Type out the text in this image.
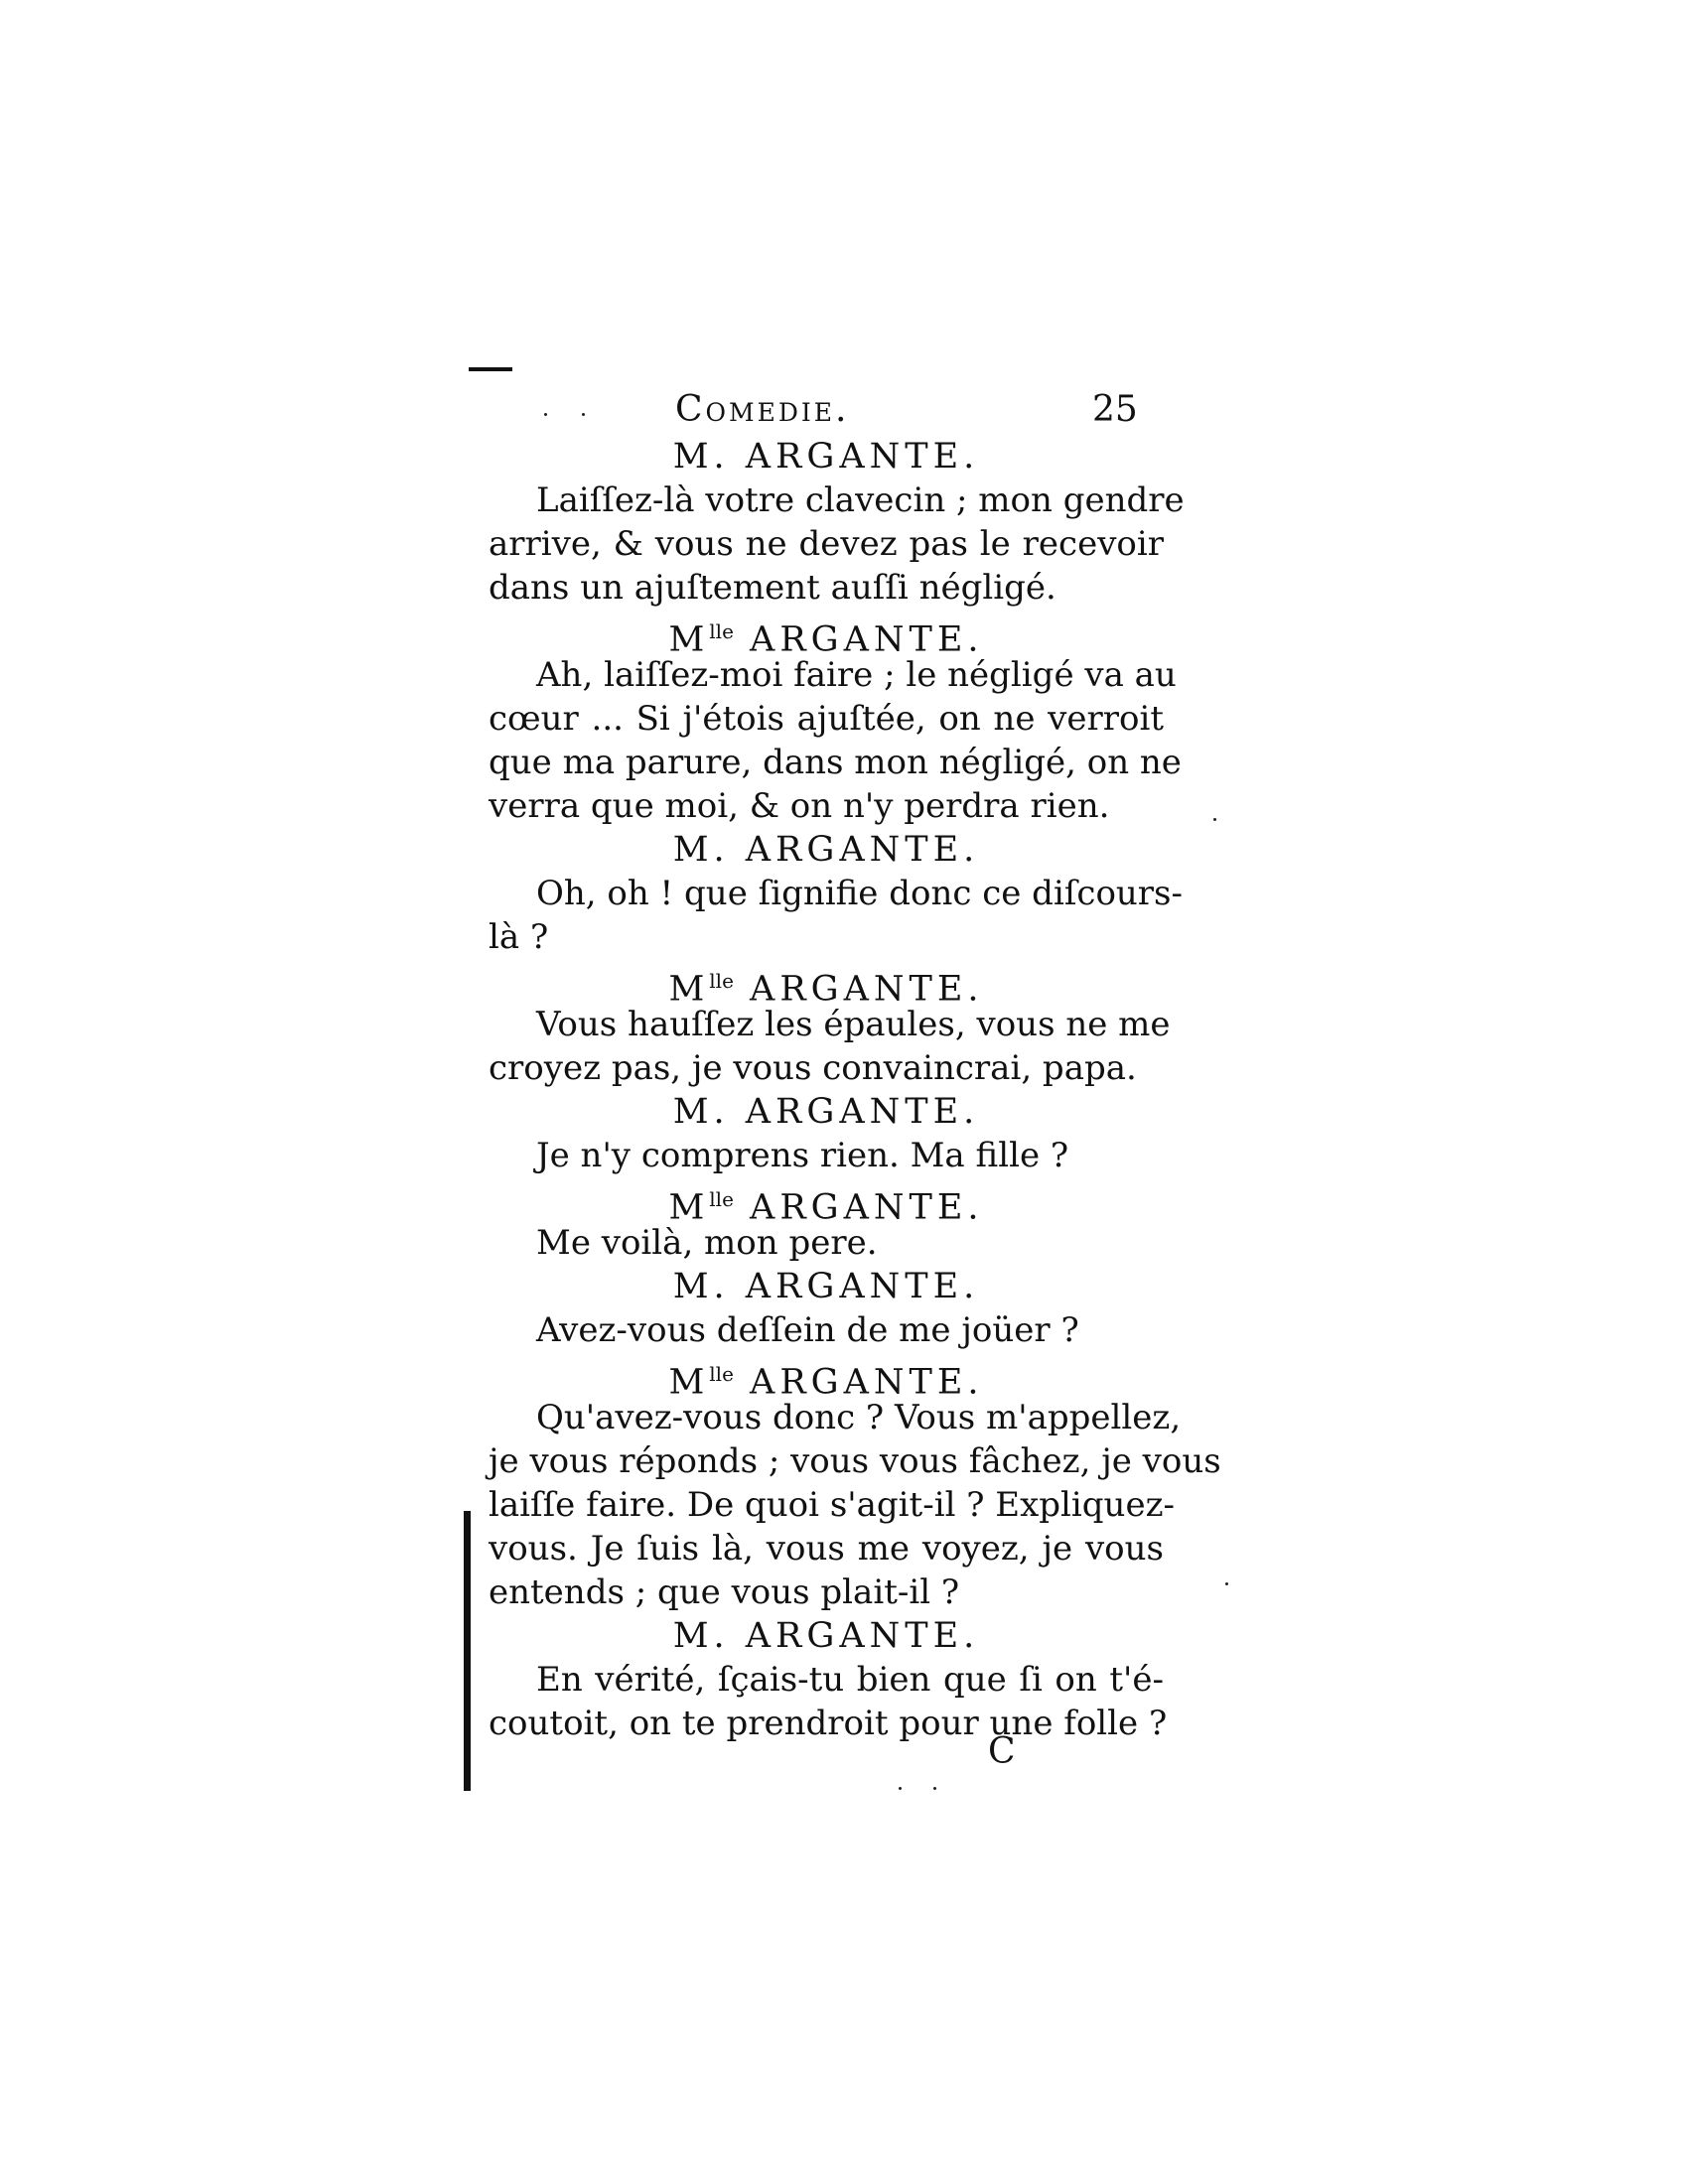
Comedie.	25
M. ARGANTE.
Laiſſez-là votre clavecin ; mon gendre
arrive, & vous ne devez pas le recevoir
dans un ajuſtement auſſi négligé.
$M^{lle}$ ARGANTE.
Ah, laiſſez-moi faire ; le négligé va au
cœur ... Si j'étois ajuſtée, on ne verroit
que ma parure, dans mon négligé, on ne
verra que moi, & on n'y perdra rien.
M. ARGANTE.
Oh, oh ! que ſignifie donc ce diſcours-
là ?
$M^{lle}$ ARGANTE.
Vous hauſſez les épaules, vous ne me
croyez pas, je vous convaincrai, papa.
M. ARGANTE.
Je n'y comprens rien. Ma fille ?
$M^{lle}$ ARGANTE.
Me voilà, mon pere.
M. ARGANTE.
Avez-vous deſſein de me joüer ?
$M^{lle}$ ARGANTE.
Qu'avez-vous donc ? Vous m'appellez,
je vous réponds ; vous vous fâchez, je vous
laiſſe faire. De quoi s'agit-il ? Expliquez-
vous. Je ſuis là, vous me voyez, je vous
entends ; que vous plait-il ?
M. ARGANTE.
En vérité, ſçais-tu bien que ſi on t'é-
coutoit, on te prendroit pour une folle ?
C
